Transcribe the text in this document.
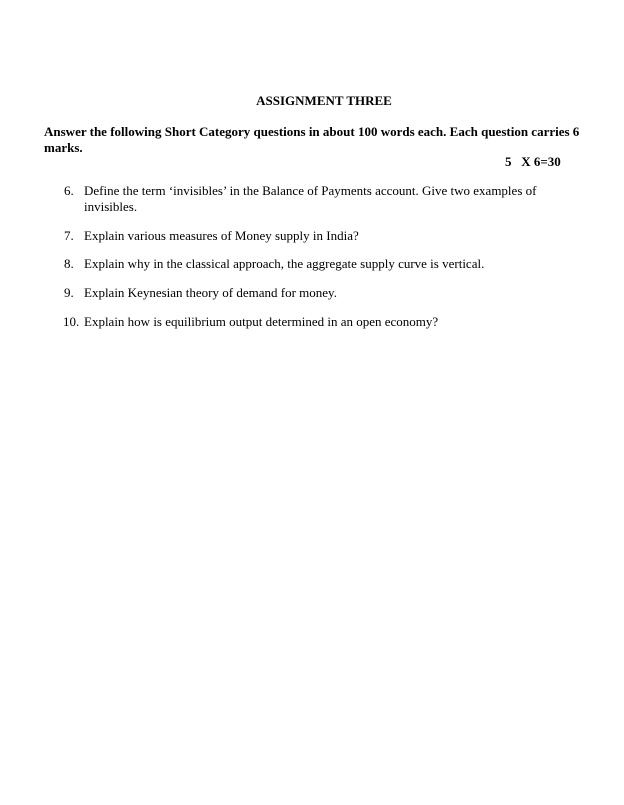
ASSIGNMENT THREE
Answer the following Short Category questions in about 100 words each. Each question carries 6 marks.
5   X 6=30
6. Define the term ‘invisibles’ in the Balance of Payments account. Give two examples of invisibles.
7. Explain various measures of Money supply in India?
8. Explain why in the classical approach, the aggregate supply curve is vertical.
9. Explain Keynesian theory of demand for money.
10. Explain how is equilibrium output determined in an open economy?
